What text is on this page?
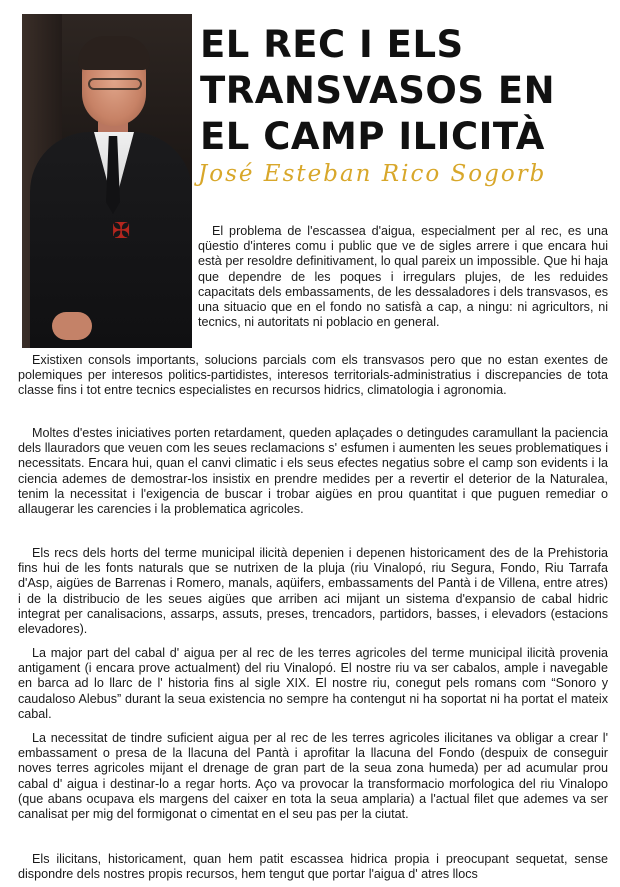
✠
EL REC I ELS TRANSVASOS EN EL CAMP ILICITÀ

José Esteban Rico Sogorb

El problema de l'escassea d'aigua, especialment per al rec, es una qüestio d'interes comu i public que ve de sigles arrere i que encara hui està per resoldre definitivament, lo qual pareix un impossible. Que hi haja que dependre de les poques i irregulars plujes, de les reduides capacitats dels embassaments, de les dessaladores i dels transvasos, es una situacio que en el fondo no satisfà a cap, a ningu: ni agricultors, ni tecnics, ni autoritats ni poblacio en general.

Existixen consols importants, solucions parcials com els transvasos pero que no estan exentes de polemiques per interesos politics-partidistes, interesos territorials-administratius i discrepancies de tota classe fins i tot entre tecnics especialistes en recursos hidrics, climatologia i agronomia.

Moltes d'estes iniciatives porten retardament, queden aplaçades o detingudes caramullant la paciencia dels llauradors que veuen com les seues reclamacions s' esfumen i aumenten les seues problematiques i necessitats. Encara hui, quan el canvi climatic i els seus efectes negatius sobre el camp son evidents i la ciencia ademes de demostrar-los insistix en prendre medides per a revertir el deterior de la Naturalea, tenim la necessitat i l'exigencia de buscar i trobar aigües en prou quantitat i que puguen remediar o allaugerar les carencies i la problematica agricoles.

Els recs dels horts del terme municipal ilicità depenien i depenen historicament des de la Prehistoria fins hui de les fonts naturals que se nutrixen de la pluja (riu Vinalopó, riu Segura, Fondo, Riu Tarrafa d'Asp, aigües de Barrenas i Romero, manals, aqüifers, embassaments del Pantà i de Villena, entre atres) i de la distribucio de les seues aigües que arriben aci mijant un sistema d'expansio de cabal hidric integrat per canalisacions, assarps, assuts, preses, trencadors, partidors, basses, i elevadors (estacions elevadores).

La major part del cabal d' aigua per al rec de les terres agricoles del terme municipal ilicità provenia antigament (i encara prove actualment) del riu Vinalopó. El nostre riu va ser cabalos, ample i navegable en barca ad lo llarc de l' historia fins al sigle XIX. El nostre riu, conegut pels romans com “Sonoro y caudaloso Alebus” durant la seua existencia no sempre ha contengut ni ha soportat ni ha portat el mateix cabal.

La necessitat de tindre suficient aigua per al rec de les terres agricoles ilicitanes va obligar a crear l' embassament o presa de la llacuna del Pantà i aprofitar la llacuna del Fondo (despuix de conseguir noves terres agricoles mijant el drenage de gran part de la seua zona humeda) per ad acumular prou cabal d' aigua i destinar-lo a regar horts. Aço va provocar la transformacio morfologica del riu Vinalopo (que abans ocupava els margens del caixer en tota la seua amplaria) a l'actual filet que ademes va ser canalisat per mig del formigonat o cimentat en el seu pas per la ciutat.

Els ilicitans, historicament, quan hem patit escassea hidrica propia i preocupant sequetat, sense dispondre dels nostres propis recursos, hem tengut que portar l'aigua d' atres llocs
